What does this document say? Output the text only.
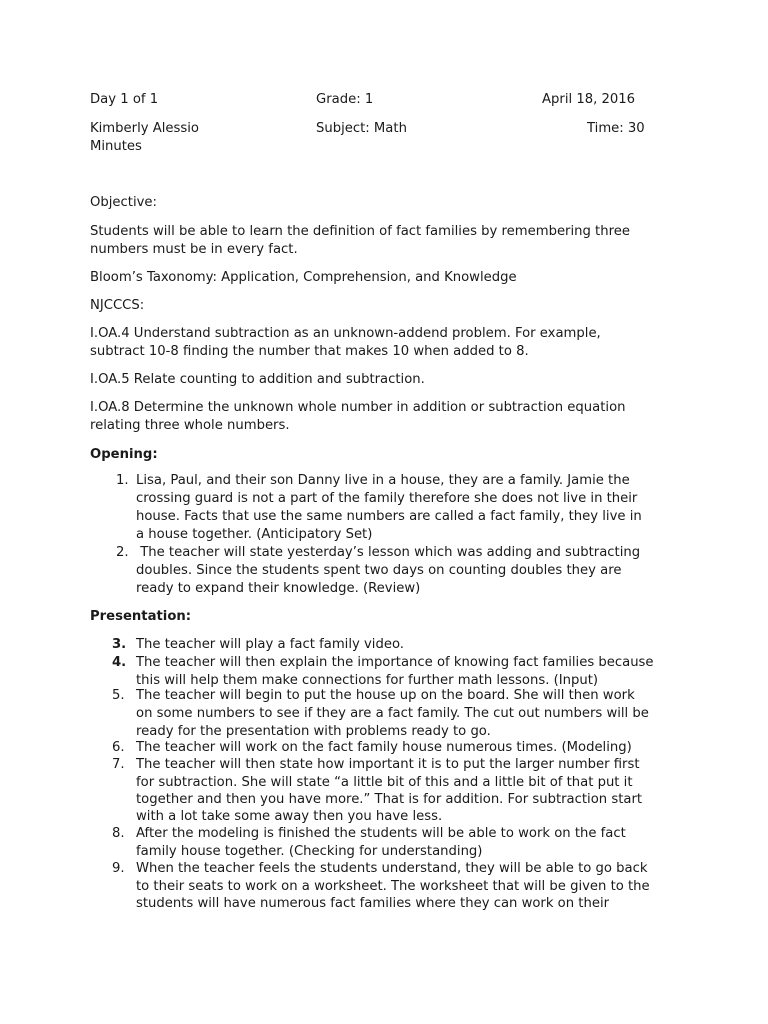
Day 1 of 1	Grade: 1	April 18, 2016
Kimberly Alessio	Subject: Math	Time: 30
Minutes
Objective:
Students will be able to learn the definition of fact families by remembering three
numbers must be in every fact.
Bloom’s Taxonomy: Application, Comprehension, and Knowledge
NJCCCS:
I.OA.4 Understand subtraction as an unknown-addend problem. For example,
subtract 10-8 finding the number that makes 10 when added to 8.
I.OA.5 Relate counting to addition and subtraction.
I.OA.8 Determine the unknown whole number in addition or subtraction equation
relating three whole numbers.
Opening:
1. Lisa, Paul, and their son Danny live in a house, they are a family. Jamie the
crossing guard is not a part of the family therefore she does not live in their
house. Facts that use the same numbers are called a fact family, they live in
a house together. (Anticipatory Set)
2. The teacher will state yesterday’s lesson which was adding and subtracting
doubles. Since the students spent two days on counting doubles they are
ready to expand their knowledge. (Review)
Presentation:
3. The teacher will play a fact family video.
4. The teacher will then explain the importance of knowing fact families because
this will help them make connections for further math lessons. (Input)
5. The teacher will begin to put the house up on the board. She will then work
on some numbers to see if they are a fact family. The cut out numbers will be
ready for the presentation with problems ready to go.
6. The teacher will work on the fact family house numerous times. (Modeling)
7. The teacher will then state how important it is to put the larger number first
for subtraction. She will state “a little bit of this and a little bit of that put it
together and then you have more.” That is for addition. For subtraction start
with a lot take some away then you have less.
8. After the modeling is finished the students will be able to work on the fact
family house together. (Checking for understanding)
9. When the teacher feels the students understand, they will be able to go back
to their seats to work on a worksheet. The worksheet that will be given to the
students will have numerous fact families where they can work on their
